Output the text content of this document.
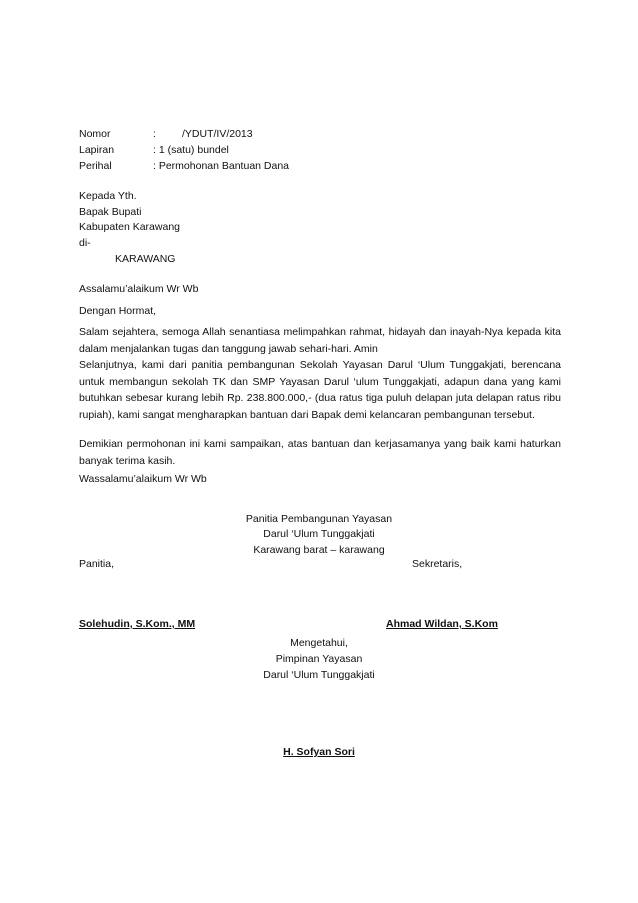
Nomor	: /YDUT/IV/2013
Lapiran	: 1 (satu) bundel
Perihal	: Permohonan Bantuan Dana
Kepada Yth.
Bapak Bupati
Kabupaten Karawang
di-
KARAWANG
Assalamu’alaikum Wr Wb
Dengan Hormat,
Salam sejahtera, semoga Allah senantiasa melimpahkan rahmat, hidayah dan inayah-Nya kepada kita dalam menjalankan tugas dan tanggung jawab sehari-hari. Amin
Selanjutnya, kami dari panitia pembangunan Sekolah Yayasan Darul ‘Ulum Tunggakjati, berencana untuk membangun sekolah TK dan SMP Yayasan Darul ‘ulum Tunggakjati, adapun dana yang kami butuhkan sebesar kurang lebih Rp. 238.800.000,- (dua ratus tiga puluh delapan juta delapan ratus ribu rupiah), kami sangat mengharapkan bantuan dari Bapak demi kelancaran pembangunan tersebut.
Demikian permohonan ini kami sampaikan, atas bantuan dan kerjasamanya yang baik kami haturkan banyak terima kasih.
Wassalamu’alaikum Wr Wb
Panitia Pembangunan Yayasan
Darul ‘Ulum Tunggakjati
Karawang barat – karawang
Panitia,	Sekretaris,
Solehudin, S.Kom., MM	Ahmad Wildan, S.Kom
Mengetahui,
Pimpinan Yayasan
Darul ‘Ulum Tunggakjati
H. Sofyan Sori
